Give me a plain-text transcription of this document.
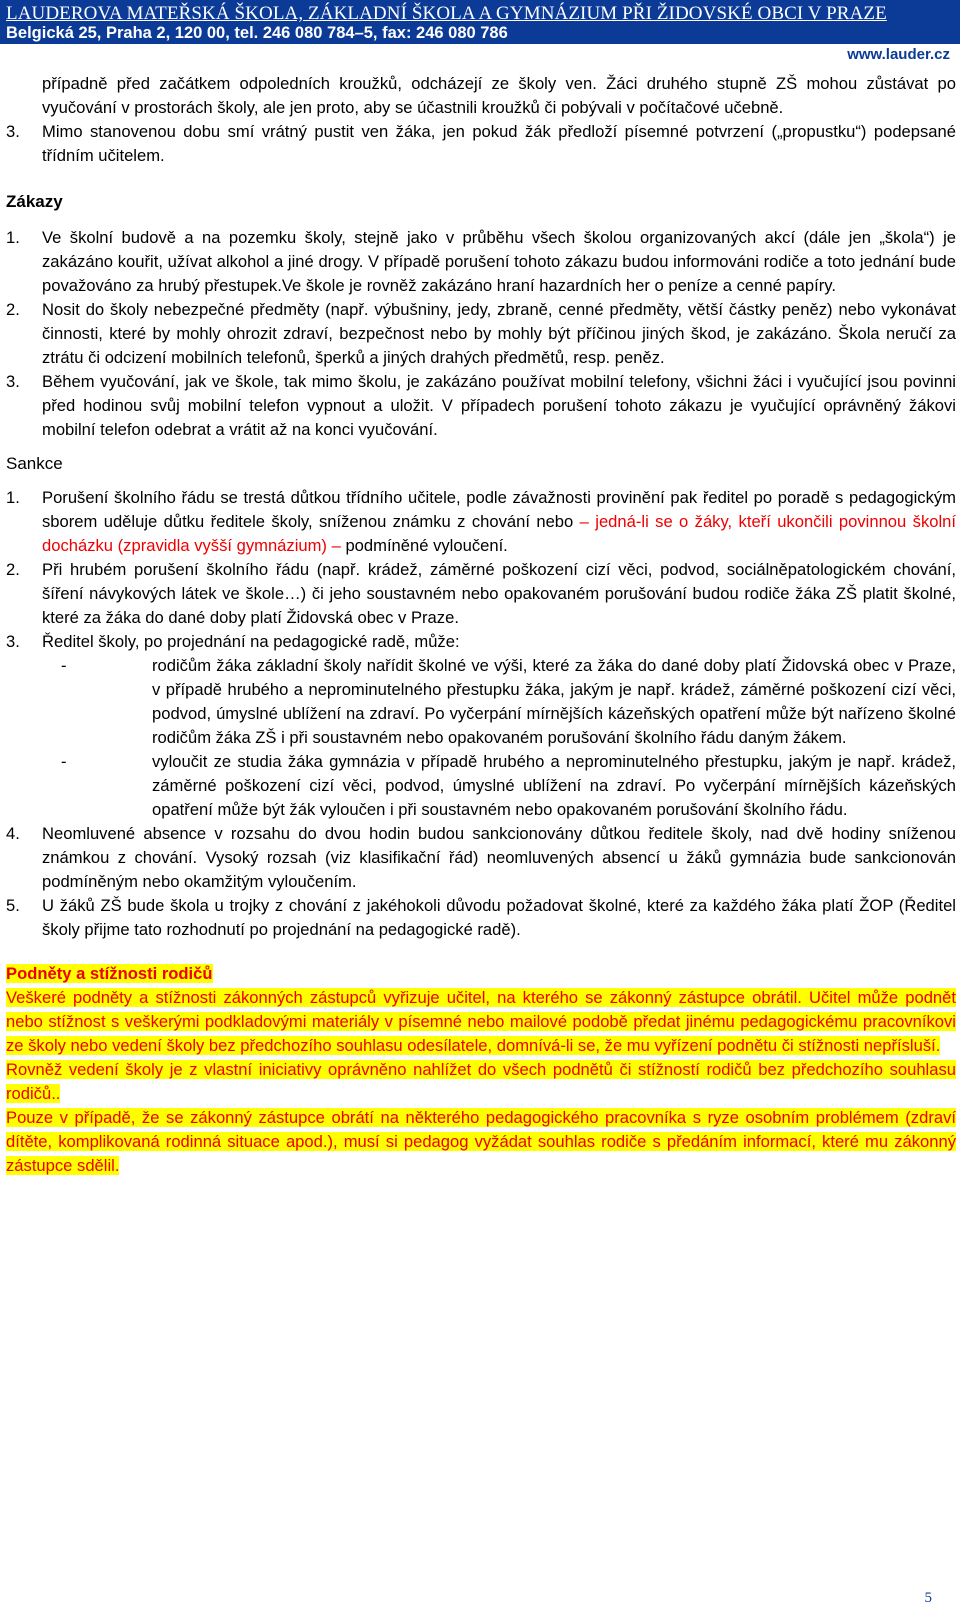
LAUDEROVA MATEŘSKÁ ŠKOLA, ZÁKLADNÍ ŠKOLA A GYMNÁZIUM PŘI ŽIDOVSKÉ OBCI V PRAZE
Belgická 25, Praha 2, 120 00, tel. 246 080 784–5, fax: 246 080 786
www.lauder.cz

případně před začátkem odpoledních kroužků, odcházejí ze školy ven. Žáci druhého stupně ZŠ mohou zůstávat po vyučování v prostorách školy, ale jen proto, aby se účastnili kroužků či pobývali v počítačové učebně.

3.	Mimo stanovenou dobu smí vrátný pustit ven žáka, jen pokud žák předloží písemné potvrzení („propustku“) podepsané třídním učitelem.
Zákazy
1.	Ve školní budově a na pozemku školy, stejně jako v průběhu všech školou organizovaných akcí (dále jen „škola“) je zakázáno kouřit, užívat alkohol a jiné drogy. V případě porušení tohoto zákazu budou informováni rodiče a toto jednání bude považováno za hrubý přestupek.Ve škole je rovněž zakázáno hraní hazardních her o peníze a cenné papíry.
2.	Nosit do školy nebezpečné předměty (např. výbušniny, jedy, zbraně, cenné předměty, větší částky peněz) nebo vykonávat činnosti, které by mohly ohrozit zdraví, bezpečnost nebo by mohly být příčinou jiných škod, je zakázáno. Škola neručí za ztrátu či odcizení mobilních telefonů, šperků a jiných drahých předmětů, resp. peněz.
3.	Během vyučování, jak ve škole, tak mimo školu, je zakázáno používat mobilní telefony, všichni žáci i vyučující jsou povinni před hodinou svůj mobilní telefon vypnout a uložit. V případech porušení tohoto zákazu je vyučující oprávněný žákovi mobilní telefon odebrat a vrátit až na konci vyučování.
Sankce
1.	Porušení školního řádu se trestá důtkou třídního učitele, podle závažnosti provinění pak ředitel po poradě s pedagogickým sborem uděluje důtku ředitele školy, sníženou známku z chování nebo – jedná-li se o žáky, kteří ukončili povinnou školní docházku (zpravidla vyšší gymnázium) – podmíněné vyloučení.
2.	Při hrubém porušení školního řádu (např. krádež, záměrné poškození cizí věci, podvod, sociálněpatologickém chování, šíření návykových látek ve škole…) či jeho soustavném nebo opakovaném porušování budou rodiče žáka ZŠ platit školné, které za žáka do dané doby platí Židovská obec v Praze.
3.	Ředitel školy, po projednání na pedagogické radě, může:
-	rodičům žáka základní školy nařídit školné ve výši, které za žáka do dané doby platí Židovská obec v Praze, v případě hrubého a neprominutelného přestupku žáka, jakým je např. krádež, záměrné poškození cizí věci, podvod, úmyslné ublížení na zdraví. Po vyčerpání mírnějších kázeňských opatření může být nařízeno školné rodičům žáka ZŠ i při soustavném nebo opakovaném porušování školního řádu daným žákem.
-	vyloučit ze studia žáka gymnázia v případě hrubého a neprominutelného přestupku, jakým je např. krádež, záměrné poškození cizí věci, podvod, úmyslné ublížení na zdraví. Po vyčerpání mírnějších kázeňských opatření může být žák vyloučen i při soustavném nebo opakovaném porušování školního řádu.
4.	Neomluvené absence v rozsahu do dvou hodin budou sankcionovány důtkou ředitele školy, nad dvě hodiny sníženou známkou z chování. Vysoký rozsah (viz klasifikační řád) neomluvených absencí u žáků gymnázia bude sankcionován podmíněným nebo okamžitým vyloučením.
5.	U žáků ZŠ bude škola u trojky z chování z jakéhokoli důvodu požadovat školné, které za každého žáka platí ŽOP (Ředitel školy přijme tato rozhodnutí po projednání na pedagogické radě).

Podněty a stížnosti rodičů

Veškeré podněty a stížnosti zákonných zástupců vyřizuje učitel, na kterého se zákonný zástupce obrátil. Učitel může podnět nebo stížnost s veškerými podkladovými materiály v písemné nebo mailové podobě předat jinému pedagogickému pracovníkovi ze školy nebo vedení školy bez předchozího souhlasu odesílatele, domnívá-li se, že mu vyřízení podnětu či stížnosti nepřísluší.

Rovněž vedení školy je z vlastní iniciativy oprávněno nahlížet do všech podnětů či stížností rodičů bez předchozího souhlasu rodičů..

Pouze v případě, že se zákonný zástupce obrátí na některého pedagogického pracovníka s ryze osobním problémem (zdraví dítěte, komplikovaná rodinná situace apod.), musí si pedagog vyžádat souhlas rodiče s předáním informací, které mu zákonný zástupce sdělil.

5
